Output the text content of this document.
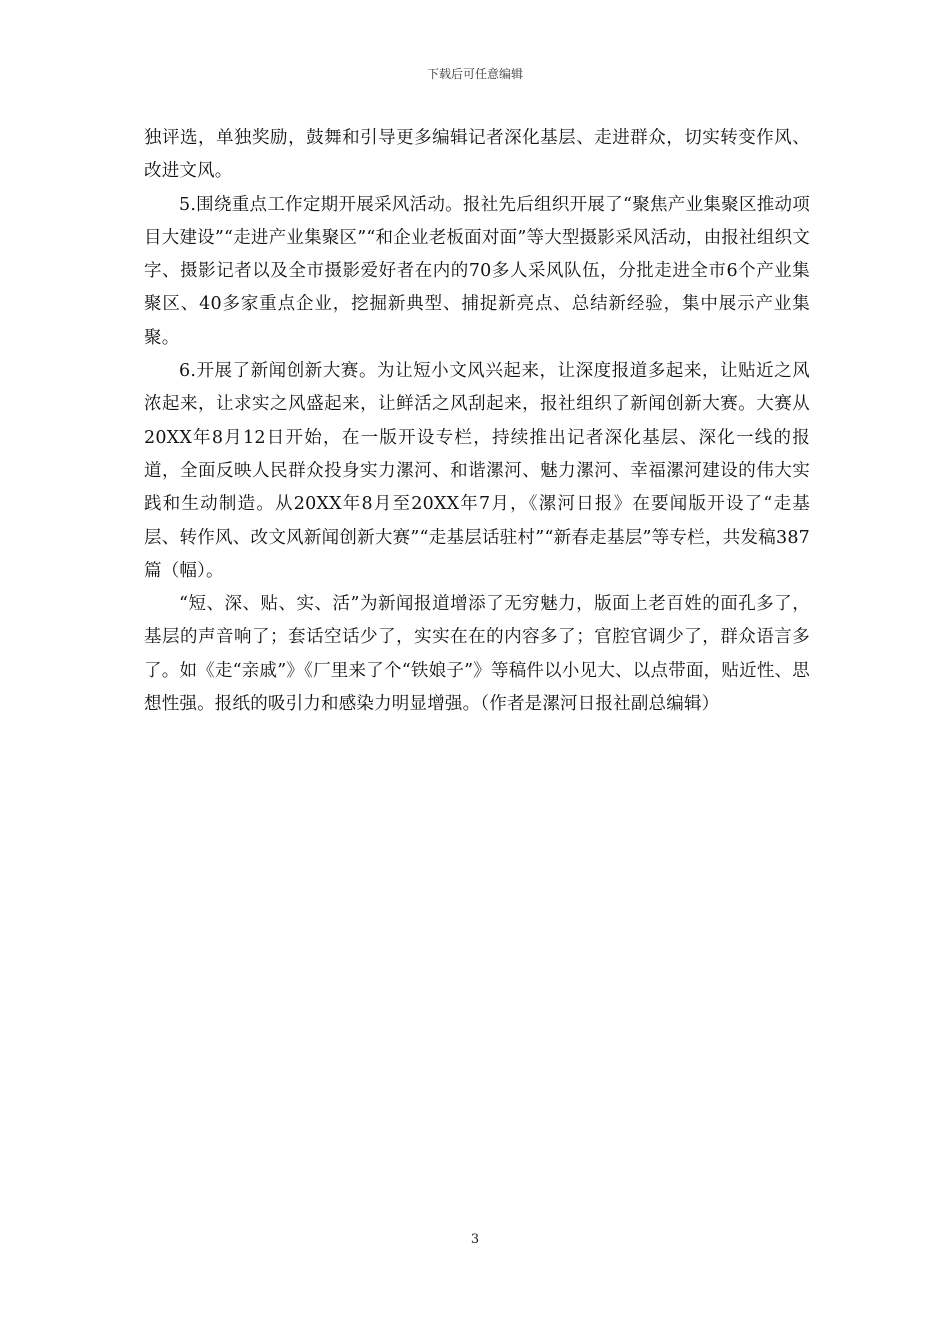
下载后可任意编辑

独评选，单独奖励，鼓舞和引导更多编辑记者深化基层、走进群众，切实转变作风、改进文风。

5.围绕重点工作定期开展采风活动。报社先后组织开展了“聚焦产业集聚区推动项目大建设”“走进产业集聚区”“和企业老板面对面”等大型摄影采风活动，由报社组织文字、摄影记者以及全市摄影爱好者在内的70多人采风队伍，分批走进全市6个产业集聚区、40多家重点企业，挖掘新典型、捕捉新亮点、总结新经验，集中展示产业集聚。

6.开展了新闻创新大赛。为让短小文风兴起来，让深度报道多起来，让贴近之风浓起来，让求实之风盛起来，让鲜活之风刮起来，报社组织了新闻创新大赛。大赛从20XX年8月12日开始，在一版开设专栏，持续推出记者深化基层、深化一线的报道，全面反映人民群众投身实力漯河、和谐漯河、魅力漯河、幸福漯河建设的伟大实践和生动制造。从20XX年8月至20XX年7月，《漯河日报》在要闻版开设了“走基层、转作风、改文风新闻创新大赛”“走基层话驻村”“新春走基层”等专栏，共发稿387篇（幅）。

“短、深、贴、实、活”为新闻报道增添了无穷魅力，版面上老百姓的面孔多了，基层的声音响了；套话空话少了，实实在在的内容多了；官腔官调少了，群众语言多了。如《走“亲戚”》《厂里来了个“铁娘子”》等稿件以小见大、以点带面，贴近性、思想性强。报纸的吸引力和感染力明显增强。（作者是漯河日报社副总编辑）

3
